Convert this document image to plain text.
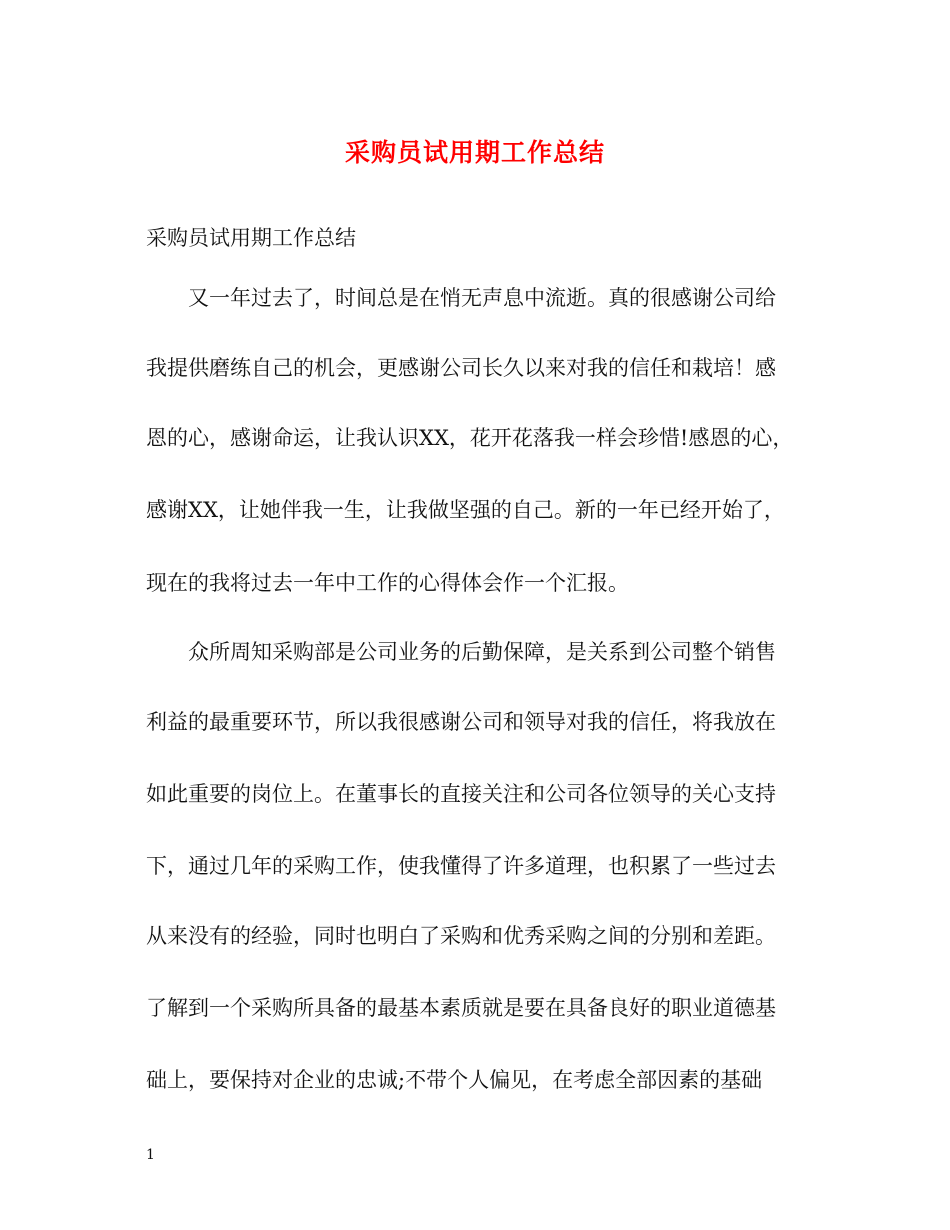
采购员试用期工作总结

采购员试用期工作总结

又一年过去了，时间总是在悄无声息中流逝。真的很感谢公司给

我提供磨练自己的机会，更感谢公司长久以来对我的信任和栽培！感

恩的心，感谢命运，让我认识XX，花开花落我一样会珍惜!感恩的心，

感谢XX，让她伴我一生，让我做坚强的自己。新的一年已经开始了，

现在的我将过去一年中工作的心得体会作一个汇报。

众所周知采购部是公司业务的后勤保障，是关系到公司整个销售

利益的最重要环节，所以我很感谢公司和领导对我的信任，将我放在

如此重要的岗位上。在董事长的直接关注和公司各位领导的关心支持

下，通过几年的采购工作，使我懂得了许多道理，也积累了一些过去

从来没有的经验，同时也明白了采购和优秀采购之间的分别和差距。

了解到一个采购所具备的最基本素质就是要在具备良好的职业道德基

础上，要保持对企业的忠诚;不带个人偏见，在考虑全部因素的基础

1
